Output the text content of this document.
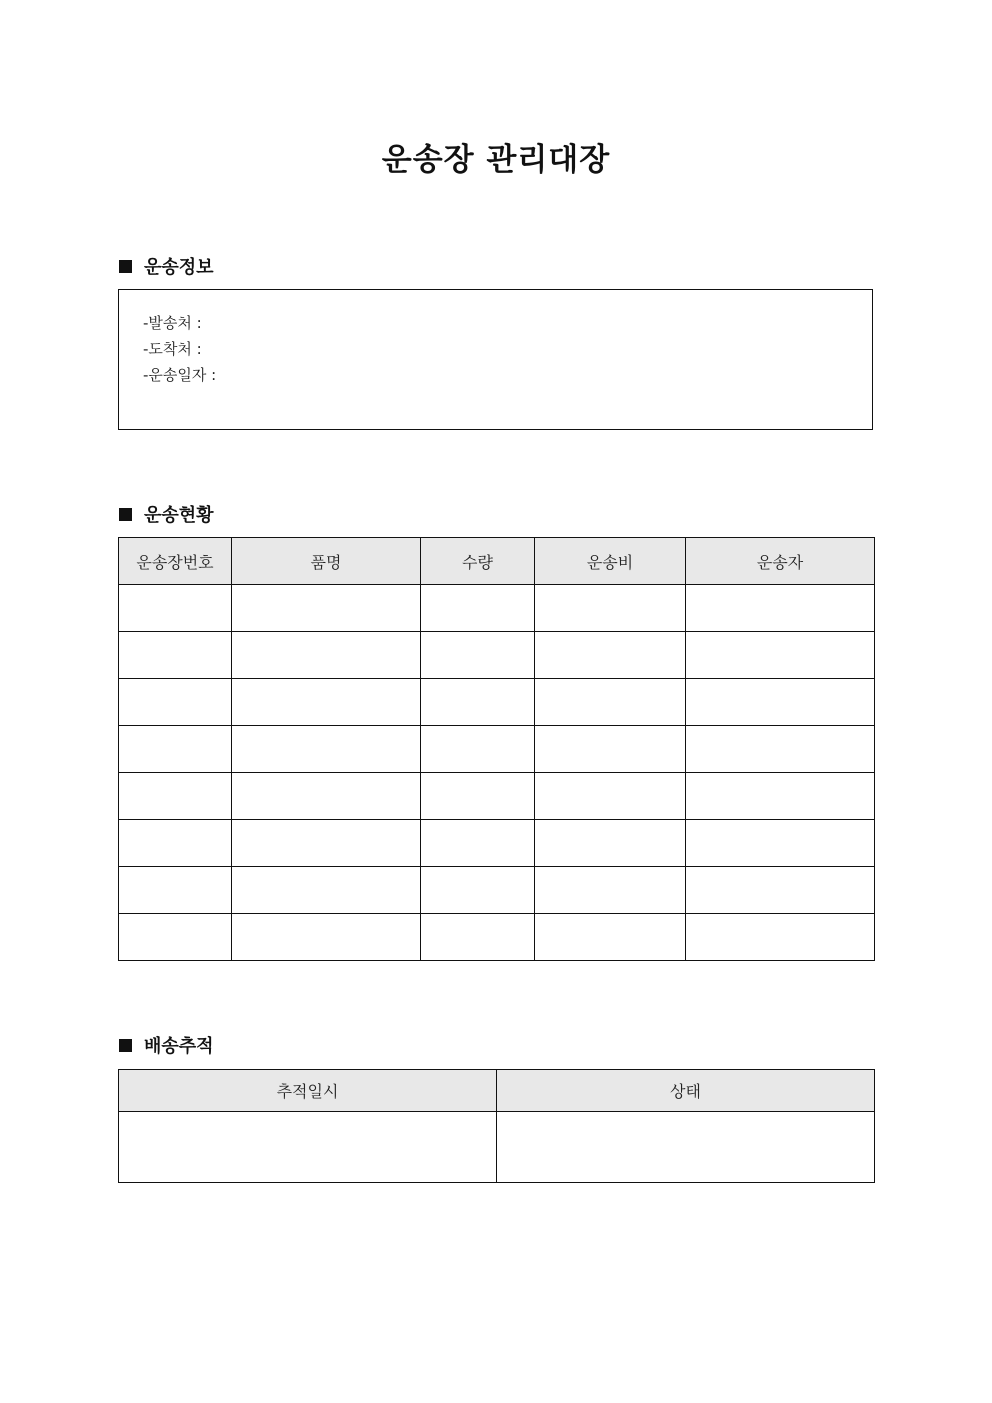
운송장 관리대장
운송정보
-발송처 :
-도착처 :
-운송일자 :
운송현황
운송장번호	품명	수량	운송비	운송자

배송추적
추적일시	상태
